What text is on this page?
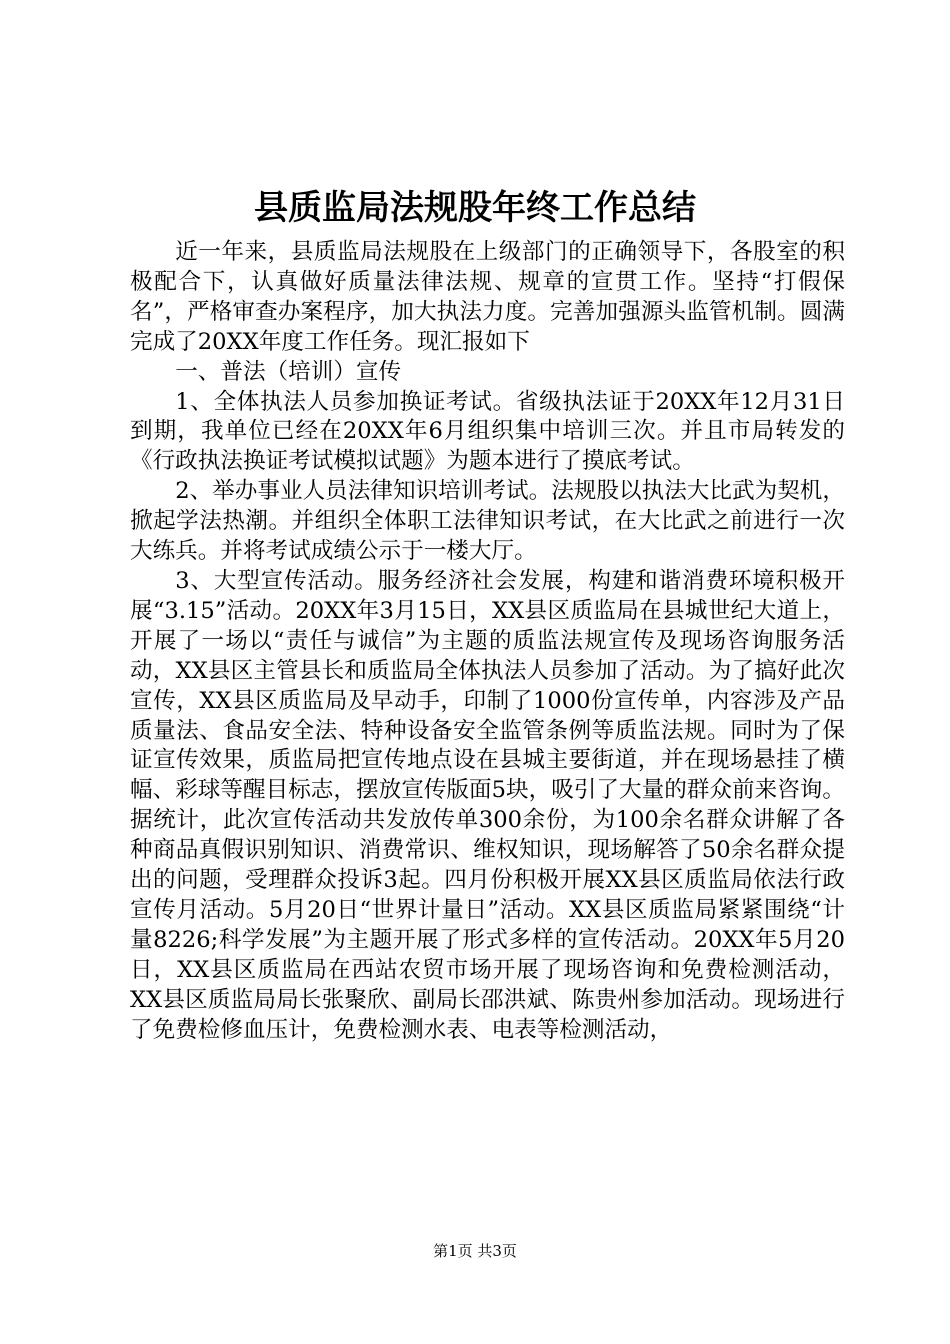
县质监局法规股年终工作总结

近一年来，县质监局法规股在上级部门的正确领导下，各股室的积极配合下，认真做好质量法律法规、规章的宣贯工作。坚持“打假保名”，严格审查办案程序，加大执法力度。完善加强源头监管机制。圆满完成了20XX年度工作任务。现汇报如下

一、普法（培训）宣传

1、全体执法人员参加换证考试。省级执法证于20XX年12月31日到期，我单位已经在20XX年6月组织集中培训三次。并且市局转发的《行政执法换证考试模拟试题》为题本进行了摸底考试。

2、举办事业人员法律知识培训考试。法规股以执法大比武为契机，掀起学法热潮。并组织全体职工法律知识考试，在大比武之前进行一次大练兵。并将考试成绩公示于一楼大厅。

3、大型宣传活动。服务经济社会发展，构建和谐消费环境积极开展“3.15”活动。20XX年3月15日，XX县区质监局在县城世纪大道上，开展了一场以“责任与诚信”为主题的质监法规宣传及现场咨询服务活动，XX县区主管县长和质监局全体执法人员参加了活动。为了搞好此次宣传，XX县区质监局及早动手，印制了1000份宣传单，内容涉及产品质量法、食品安全法、特种设备安全监管条例等质监法规。同时为了保证宣传效果，质监局把宣传地点设在县城主要街道，并在现场悬挂了横幅、彩球等醒目标志，摆放宣传版面5块，吸引了大量的群众前来咨询。据统计，此次宣传活动共发放传单300余份，为100余名群众讲解了各种商品真假识别知识、消费常识、维权知识，现场解答了50余名群众提出的问题，受理群众投诉3起。四月份积极开展XX县区质监局依法行政宣传月活动。5月20日“世界计量日”活动。XX县区质监局紧紧围绕“计量8226;科学发展”为主题开展了形式多样的宣传活动。20XX年5月20日，XX县区质监局在西站农贸市场开展了现场咨询和免费检测活动，XX县区质监局局长张聚欣、副局长邵洪斌、陈贵州参加活动。现场进行了免费检修血压计，免费检测水表、电表等检测活动，

第1页 共3页
